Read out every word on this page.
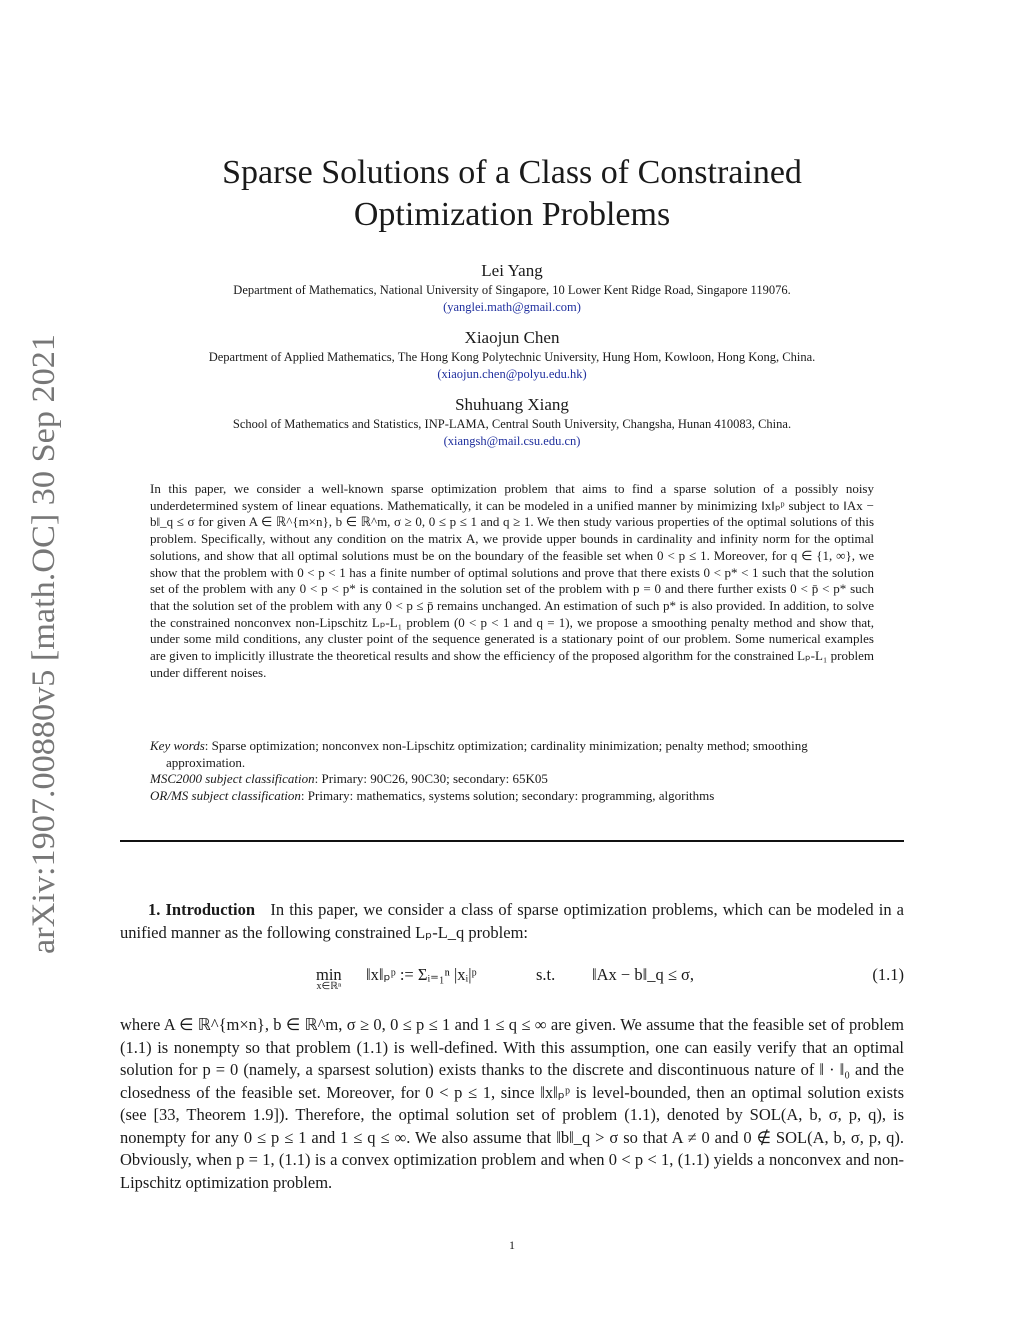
arXiv:1907.00880v5 [math.OC] 30 Sep 2021
Sparse Solutions of a Class of Constrained
Optimization Problems
Lei Yang
Department of Mathematics, National University of Singapore, 10 Lower Kent Ridge Road, Singapore 119076.
(yanglei.math@gmail.com)
Xiaojun Chen
Department of Applied Mathematics, The Hong Kong Polytechnic University, Hung Hom, Kowloon, Hong Kong, China.
(xiaojun.chen@polyu.edu.hk)
Shuhuang Xiang
School of Mathematics and Statistics, INP-LAMA, Central South University, Changsha, Hunan 410083, China.
(xiangsh@mail.csu.edu.cn)

In this paper, we consider a well-known sparse optimization problem that aims to find a sparse solution of a possibly noisy underdetermined system of linear equations. Mathematically, it can be modeled in a unified manner by minimizing ‖x‖ₚᵖ subject to ‖Ax − b‖_q ≤ σ for given A ∈ ℝ^{m×n}, b ∈ ℝ^m, σ ≥ 0, 0 ≤ p ≤ 1 and q ≥ 1. We then study various properties of the optimal solutions of this problem. Specifically, without any condition on the matrix A, we provide upper bounds in cardinality and infinity norm for the optimal solutions, and show that all optimal solutions must be on the boundary of the feasible set when 0 < p ≤ 1. Moreover, for q ∈ {1, ∞}, we show that the problem with 0 < p < 1 has a finite number of optimal solutions and prove that there exists 0 < p* < 1 such that the solution set of the problem with any 0 < p < p* is contained in the solution set of the problem with p = 0 and there further exists 0 < p̄ < p* such that the solution set of the problem with any 0 < p ≤ p̄ remains unchanged. An estimation of such p* is also provided. In addition, to solve the constrained nonconvex non-Lipschitz Lₚ-L₁ problem (0 < p < 1 and q = 1), we propose a smoothing penalty method and show that, under some mild conditions, any cluster point of the sequence generated is a stationary point of our problem. Some numerical examples are given to implicitly illustrate the theoretical results and show the efficiency of the proposed algorithm for the constrained Lₚ-L₁ problem under different noises.

Key words: Sparse optimization; nonconvex non-Lipschitz optimization; cardinality minimization; penalty method; smoothing approximation.
MSC2000 subject classification: Primary: 90C26, 90C30; secondary: 65K05
OR/MS subject classification: Primary: mathematics, systems solution; secondary: programming, algorithms

1. Introduction In this paper, we consider a class of sparse optimization problems, which can be modeled in a unified manner as the following constrained Lₚ-L_q problem:

min
x∈ℝⁿ
‖x‖ₚᵖ := Σᵢ₌₁ⁿ |xᵢ|ᵖ	s.t. ‖Ax − b‖_q ≤ σ,	(1.1)

where A ∈ ℝ^{m×n}, b ∈ ℝ^m, σ ≥ 0, 0 ≤ p ≤ 1 and 1 ≤ q ≤ ∞ are given. We assume that the feasible set of problem (1.1) is nonempty so that problem (1.1) is well-defined. With this assumption, one can easily verify that an optimal solution for p = 0 (namely, a sparsest solution) exists thanks to the discrete and discontinuous nature of ‖ · ‖₀ and the closedness of the feasible set. Moreover, for 0 < p ≤ 1, since ‖x‖ₚᵖ is level-bounded, then an optimal solution exists (see [33, Theorem 1.9]). Therefore, the optimal solution set of problem (1.1), denoted by SOL(A, b, σ, p, q), is nonempty for any 0 ≤ p ≤ 1 and 1 ≤ q ≤ ∞. We also assume that ‖b‖_q > σ so that A ≠ 0 and 0 ∉ SOL(A, b, σ, p, q). Obviously, when p = 1, (1.1) is a convex optimization problem and when 0 < p < 1, (1.1) yields a nonconvex and non-Lipschitz optimization problem.

1
